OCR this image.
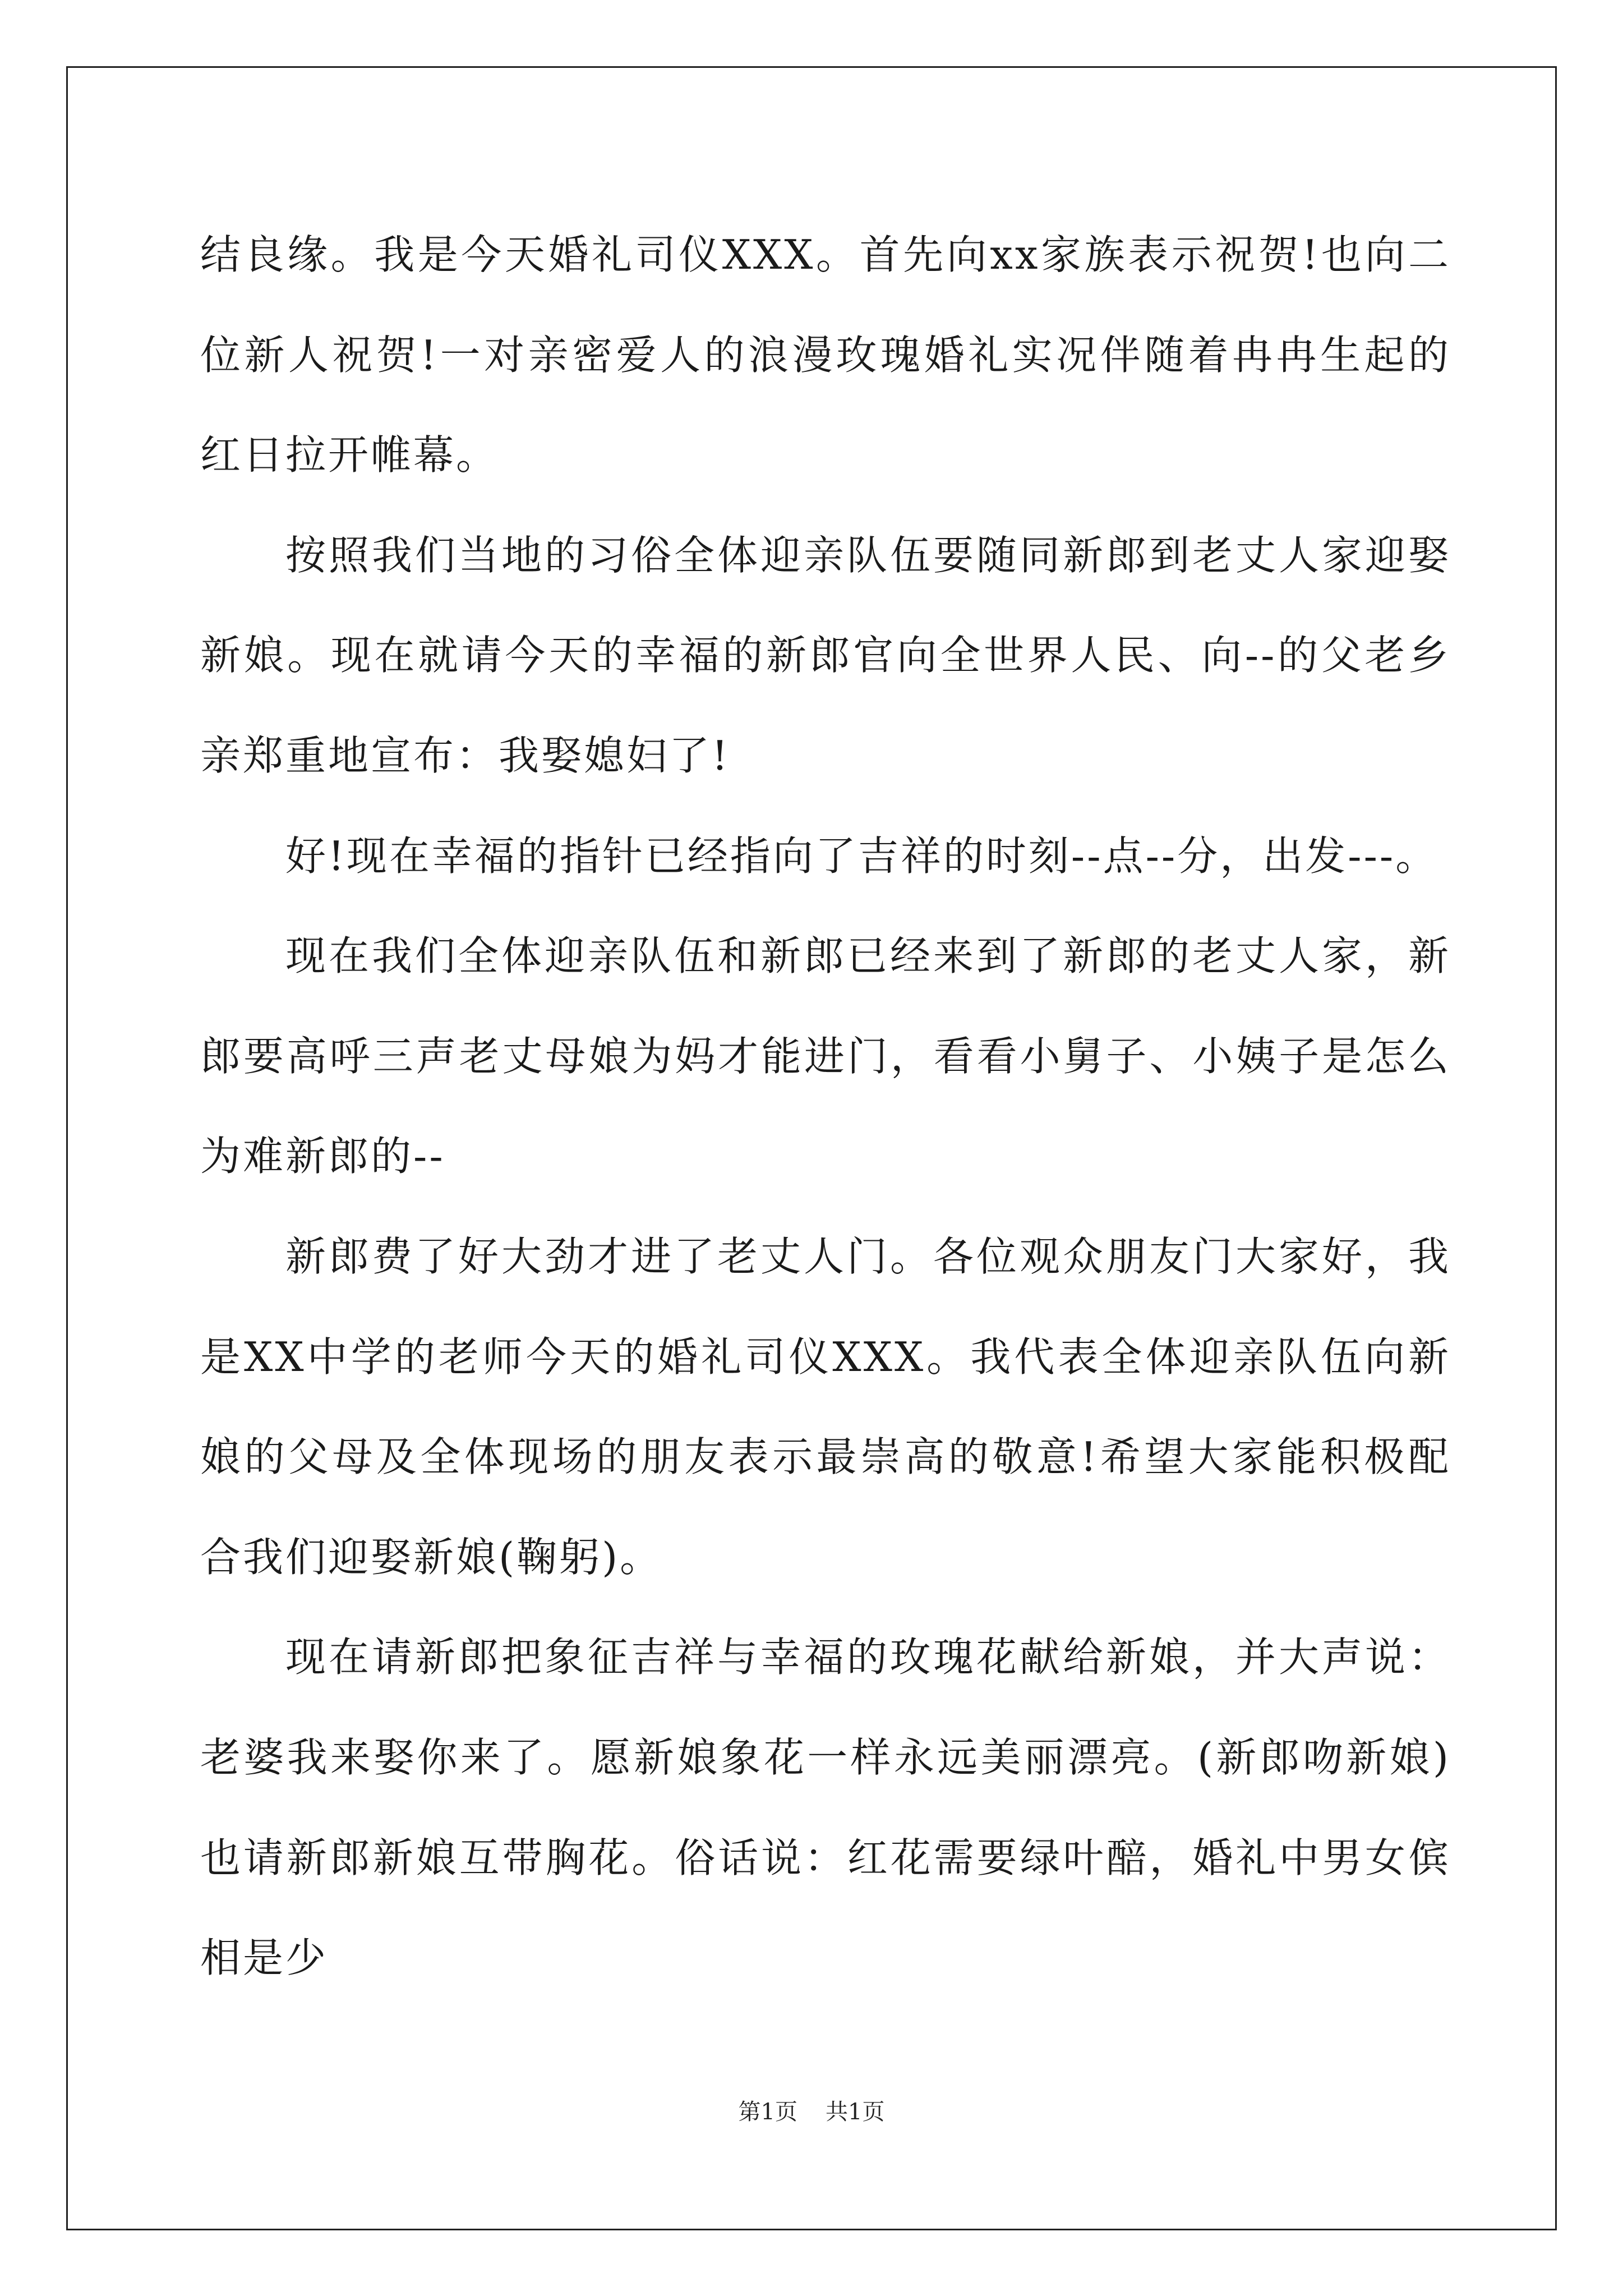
结良缘。我是今天婚礼司仪XXX。首先向xx家族表示祝贺!也向二位新人祝贺!一对亲密爱人的浪漫玫瑰婚礼实况伴随着冉冉生起的红日拉开帷幕。

按照我们当地的习俗全体迎亲队伍要随同新郎到老丈人家迎娶新娘。现在就请今天的幸福的新郎官向全世界人民、向--的父老乡亲郑重地宣布：我娶媳妇了!

好!现在幸福的指针已经指向了吉祥的时刻--点--分，出发---。

现在我们全体迎亲队伍和新郎已经来到了新郎的老丈人家，新郎要高呼三声老丈母娘为妈才能进门，看看小舅子、小姨子是怎么为难新郎的--

新郎费了好大劲才进了老丈人门。各位观众朋友门大家好，我是XX中学的老师今天的婚礼司仪XXX。我代表全体迎亲队伍向新娘的父母及全体现场的朋友表示最崇高的敬意!希望大家能积极配合我们迎娶新娘(鞠躬)。

现在请新郎把象征吉祥与幸福的玫瑰花献给新娘，并大声说：老婆我来娶你来了。愿新娘象花一样永远美丽漂亮。(新郎吻新娘)也请新郎新娘互带胸花。俗话说：红花需要绿叶醅，婚礼中男女傧相是少

第1页 共1页
